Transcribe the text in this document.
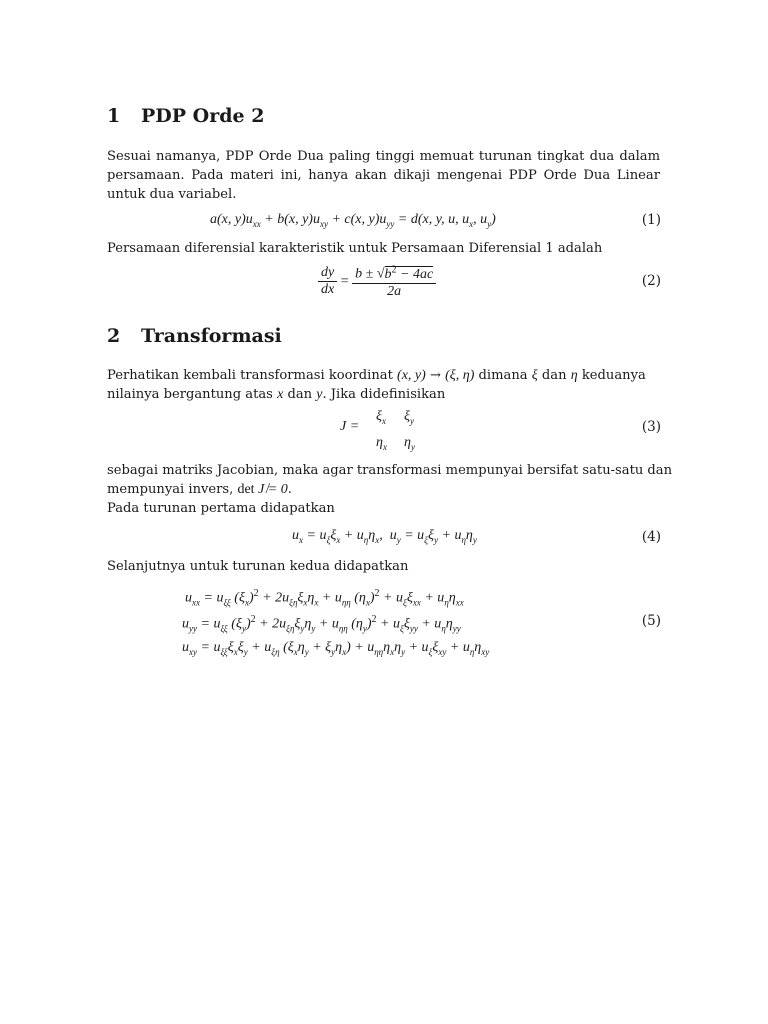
1 PDP Orde 2
Sesuai namanya, PDP Orde Dua paling tinggi memuat turunan tingkat dua dalam persamaan. Pada materi ini, hanya akan dikaji mengenai PDP Orde Dua Linear untuk dua variabel.
a(x, $y)u_{xx} + b(x$, $y)u_{xy} + c(x$, $y)u_{yy} = d(x$, y, u, $u_x$, $u_y$)	(1)
Persamaan diferensial karakteristik untuk Persamaan Diferensial 1 adalah
$\frac{dy}{dx} = \frac{b \pm √b^2 - 4ac}{2a}$	(2)
2 Transformasi
Perhatikan kembali transformasi koordinat (x, y) → (ξ, η) dimana ξ dan η keduanya
nilainya bergantung atas x dan y. Jika didefinisikan
J =
$\xi_x$ $\xi_y$
$\eta_x$ $\eta_y$
(3)
sebagai matriks Jacobian, maka agar transformasi mempunyai bersifat satu-satu dan
mempunyai invers, det J ̸= 0.
Pada turunan pertama didapatkan
$u_x = u_\xi\xi_x + u_\eta\eta_x$,  $u_y = u_\xi\xi_y + u_\eta\eta_y$	(4)
Selanjutnya untuk turunan kedua didapatkan
$u_{xx} = u_{\xi\xi}$ $(\xi_x)^2 + 2u_{\xi\eta}\xi_x\eta_x + u_{\eta\eta}$ $(\eta_x)^2 + u_\xi\xi_{xx} + u_\eta\eta_{xx}$
$u_{yy} = u_{\xi\xi}$ $(\xi_y)^2 + 2u_{\xi\eta}\xi_y\eta_y + u_{\eta\eta}$ $(\eta_y)^2 + u_\xi\xi_{yy} + u_\eta\eta_{yy}$
$u_{xy} = u_{\xi\xi}\xi_x\xi_y + u_{\xi\eta}$ $(\xi_x\eta_y + \xi_y\eta_x) + u_{\eta\eta}\eta_x\eta_y + u_\xi\xi_{xy} + u_\eta\eta_{xy}$
(5)
